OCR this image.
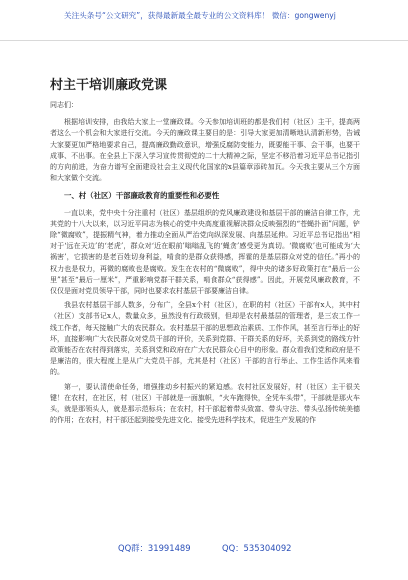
关注头条号“公文研究”，获得最新最全最专业的公文资料库！ 微信：gongwenyj
村主干培训廉政党课

同志们：

根据培训安排，由我给大家上一堂廉政课。今天参加培训班的都是我们村（社区）主干，提高两者这么一个机会和大家进行交流。今天的廉政课主要目的是：引导大家更加清晰地认清新形势，告诫大家要更加严格地要求自己，提高廉政勤政意识，增强反腐防变能力，既要能干事、会干事，也要干成事、不出事。在全县上下深入学习宣传贯彻党的二十大精神之际，坚定不移沿着习近平总书记指引的方向前进，为奋力谱写全面建设社会主义现代化国家的x县篇章添砖加瓦。今天我主要从三个方面和大家做个交流。

一、村（社区）干部廉政教育的重要性和必要性

一直以来，党中央十分注重村（社区）基层组织的党风廉政建设和基层干部的廉洁自律工作，尤其党的十八大以来，以习近平同志为核心的党中央高度重视解决群众反映强烈的“苍蝇扑面”问题，铲除“微腐败”，提振精气神，着力推动全面从严治党向纵深发展、向基层延伸。习近平总书记指出“相对于‘远在天边’的‘老虎’，群众对‘近在眼前’嗡嗡乱飞的‘蝇贪’感受更为真切。‘微腐败’也可能成为‘大祸害’，它损害的是老百姓切身利益，啃食的是群众获得感，挥霍的是基层群众对党的信任。”再小的权力也是权力，再微的腐败也是腐败。发生在农村的“微腐败”，得中央的诸多好政策打在“最后一公里”甚至“最后一厘米”，严重影响党群干群关系，啃食群众“获得感”。因此，开展党风廉政教育，不仅仅是面对党员领导干部，同时也要求农村基层干部要廉洁自律。

我县农村基层干部人数多，分布广，全县x个村（社区），在职的村（社区）干部有x人，其中村（社区）支部书记x人，数量众多，虽然没有行政级别，但却是农村最基层的管理者，是三农工作一线工作者，每天接触广大的农民群众。农村基层干部的思想政治素质、工作作风，甚至言行举止的好坏，直接影响广大农民群众对党员干部的评价，关系到党群、干群关系的好坏，关系到党的路线方针政策能否在农村得到落实，关系到党和政府在广大农民群众心目中的形象。群众看我们党和政府是不是廉洁的，很大程度上是从广大党员干部，尤其是村（社区）干部的言行举止、工作生活作风来看的。

第一，要认清使命任务，增强推动乡村振兴的紧迫感。农村社区发展好，村（社区）主干很关键！在农村，在社区，村（社区）干部就是一面旗帜，“火车跑得快，全凭车头带”，干部就是那火车头，就是那领头人，就是那示范标兵；在农村，村干部起着带头致富、带头守法、带头弘扬传统美德的作用；在农村，村干部还起到接受先进文化、接受先进科学技术，促进生产发展的作

QQ群：31991489	QQ：535304092
